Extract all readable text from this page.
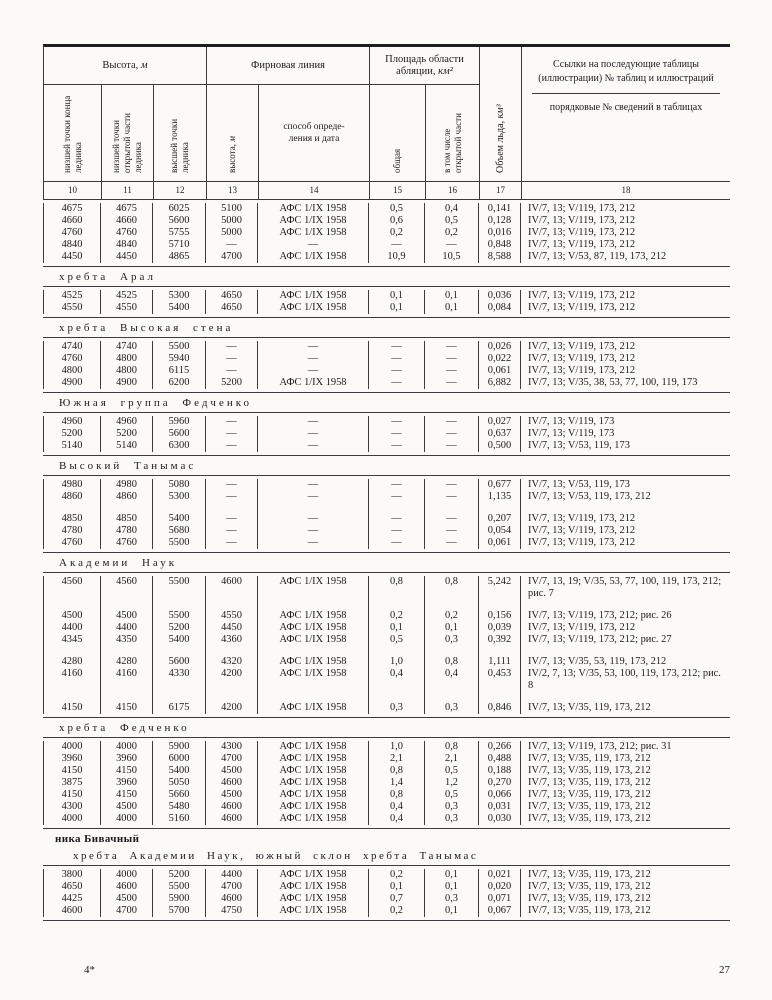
Высота,
м	Фирновая линия
Площадь области абляции, км²
Объем льда, км³
Ссылки на последующие таблицы (иллюстрации) № таблиц и иллюстраций
порядковые № сведений в таблицах
низшей точки конца ледника	низшей точки открытой части ледника	высшей точки ледника	высота, м
способ опреде-
ления и дата
общая	в том числе открытой части
10	11	12	13	14	15	16	17	18
4675	4675	6025	5100	АФС 1/IX 1958	0,5	0,4	0,141	IV/7, 13; V/119, 173, 212
4660	4660	5600	5000	АФС 1/IX 1958	0,6	0,5	0,128	IV/7, 13; V/119, 173, 212
4760	4760	5755	5000	АФС 1/IX 1958	0,2	0,2	0,016	IV/7, 13; V/119, 173, 212
4840	4840	5710	—	—	—	—	0,848	IV/7, 13; V/119, 173, 212
4450	4450	4865	4700	АФС 1/IX 1958	10,9	10,5	8,588	IV/7, 13; V/53, 87, 119, 173, 212
хребта Арал
4525	4525	5300	4650	АФС 1/IX 1958	0,1	0,1	0,036	IV/7, 13; V/119, 173, 212
4550	4550	5400	4650	АФС 1/IX 1958	0,1	0,1	0,084	IV/7, 13; V/119, 173, 212
хребта Высокая стена
4740	4740	5500	—	—	—	—	0,026	IV/7, 13; V/119, 173, 212
4760	4800	5940	—	—	—	—	0,022	IV/7, 13; V/119, 173, 212
4800	4800	6115	—	—	—	—	0,061	IV/7, 13; V/119, 173, 212
4900	4900	6200	5200	АФС 1/IX 1958	—	—	6,882	IV/7, 13; V/35, 38, 53, 77, 100, 119, 173
Южная группа Федченко
4960	4960	5960	—	—	—	—	0,027	IV/7, 13; V/119, 173
5200	5200	5600	—	—	—	—	0,637	IV/7, 13; V/119, 173
5140	5140	6300	—	—	—	—	0,500	IV/7, 13; V/53, 119, 173
Высокий Танымас
4980	4980	5080	—	—	—	—	0,677	IV/7, 13; V/53, 119, 173
4860	4860	5300	—	—	—	—	1,135	IV/7, 13; V/53, 119, 173, 212
4850	4850	5400	—	—	—	—	0,207	IV/7, 13; V/119, 173, 212
4780	4780	5680	—	—	—	—	0,054	IV/7, 13; V/119, 173, 212
4760	4760	5500	—	—	—	—	0,061	IV/7, 13; V/119, 173, 212
Академии Наук
4560	4560	5500	4600	АФС 1/IX 1958	0,8	0,8	5,242	IV/7, 13, 19; V/35, 53, 77, 100, 119, 173, 212; рис. 7
4500	4500	5500	4550	АФС 1/IX 1958	0,2	0,2	0,156	IV/7, 13; V/119, 173, 212; рис. 26
4400	4400	5200	4450	АФС 1/IX 1958	0,1	0,1	0,039	IV/7, 13; V/119, 173, 212
4345	4350	5400	4360	АФС 1/IX 1958	0,5	0,3	0,392	IV/7, 13; V/119, 173, 212; рис. 27
4280	4280	5600	4320	АФС 1/IX 1958	1,0	0,8	1,111	IV/7, 13; V/35, 53, 119, 173, 212
4160	4160	4330	4200	АФС 1/IX 1958	0,4	0,4	0,453	IV/2, 7, 13; V/35, 53, 100, 119, 173, 212; рис. 8
4150	4150	6175	4200	АФС 1/IX 1958	0,3	0,3	0,846	IV/7, 13; V/35, 119, 173, 212
хребта Федченко
4000	4000	5900	4300	АФС 1/IX 1958	1,0	0,8	0,266	IV/7, 13; V/119, 173, 212; рис. 31
3960	3960	6000	4700	АФС 1/IX 1958	2,1	2,1	0,488	IV/7, 13; V/35, 119, 173, 212
4150	4150	5400	4500	АФС 1/IX 1958	0,8	0,5	0,188	IV/7, 13; V/35, 119, 173, 212
3875	3960	5050	4600	АФС 1/IX 1958	1,4	1,2	0,270	IV/7, 13; V/35, 119, 173, 212
4150	4150	5660	4500	АФС 1/IX 1958	0,8	0,5	0,066	IV/7, 13; V/35, 119, 173, 212
4300	4500	5480	4600	АФС 1/IX 1958	0,4	0,3	0,031	IV/7, 13; V/35, 119, 173, 212
4000	4000	5160	4600	АФС 1/IX 1958	0,4	0,3	0,030	IV/7, 13; V/35, 119, 173, 212
ника Бивачный
хребта Академии Наук, южный склон хребта Танымас
3800	4000	5200	4400	АФС 1/IX 1958	0,2	0,1	0,021	IV/7, 13; V/35, 119, 173, 212
4650	4600	5500	4700	АФС 1/IX 1958	0,1	0,1	0,020	IV/7, 13; V/35, 119, 173, 212
4425	4500	5900	4600	АФС 1/IX 1958	0,7	0,3	0,071	IV/7, 13; V/35, 119, 173, 212
4600	4700	5700	4750	АФС 1/IX 1958	0,2	0,1	0,067	IV/7, 13; V/35, 119, 173, 212
4*	27
